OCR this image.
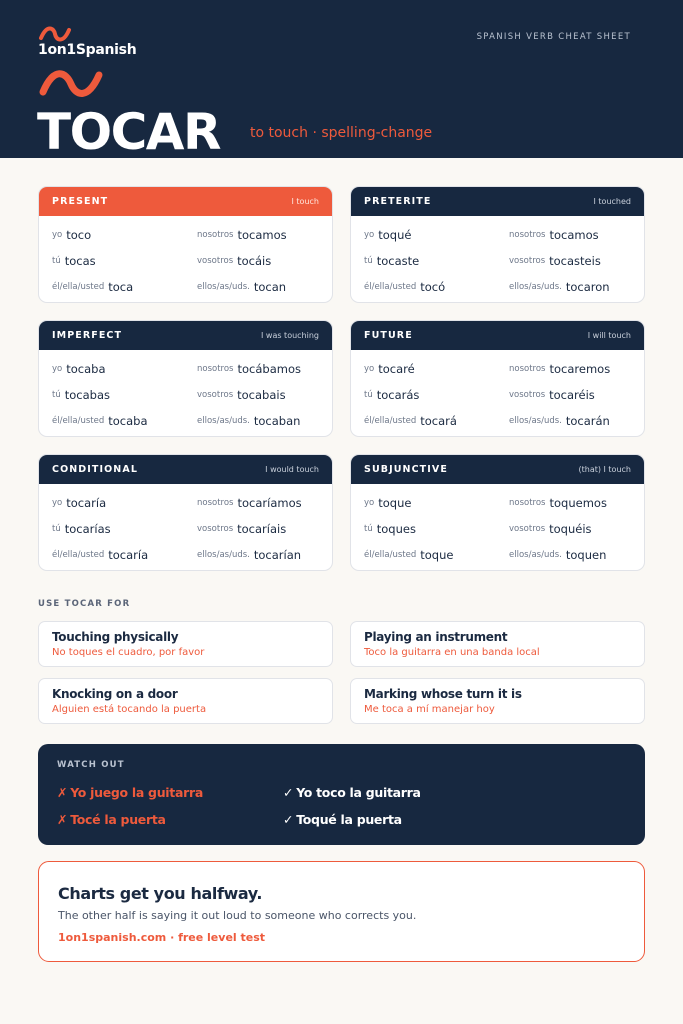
1on1Spanish
SPANISH VERB CHEAT SHEET
TOCAR to touch · spelling-change
PRESENT	I touch
yo toco	nosotros tocamos
tú tocas	vosotros tocáis
él/ella/usted toca	ellos/as/uds. tocan
PRETERITE	I touched
yo toqué	nosotros tocamos
tú tocaste	vosotros tocasteis
él/ella/usted tocó	ellos/as/uds. tocaron
IMPERFECT	I was touching
yo tocaba	nosotros tocábamos
tú tocabas	vosotros tocabais
él/ella/usted tocaba	ellos/as/uds. tocaban
FUTURE	I will touch
yo tocaré	nosotros tocaremos
tú tocarás	vosotros tocaréis
él/ella/usted tocará	ellos/as/uds. tocarán
CONDITIONAL	I would touch
yo tocaría	nosotros tocaríamos
tú tocarías	vosotros tocaríais
él/ella/usted tocaría	ellos/as/uds. tocarían
SUBJUNCTIVE	(that) I touch
yo toque	nosotros toquemos
tú toques	vosotros toquéis
él/ella/usted toque	ellos/as/uds. toquen
USE TOCAR FOR
Touching physically
No toques el cuadro, por favor
Playing an instrument
Toco la guitarra en una banda local
Knocking on a door
Alguien está tocando la puerta
Marking whose turn it is
Me toca a mí manejar hoy
WATCH OUT
✗ Yo juego la guitarra	✓ Yo toco la guitarra
✗ Tocé la puerta	✓ Toqué la puerta
Charts get you halfway.
The other half is saying it out loud to someone who corrects you.
1on1spanish.com · free level test
